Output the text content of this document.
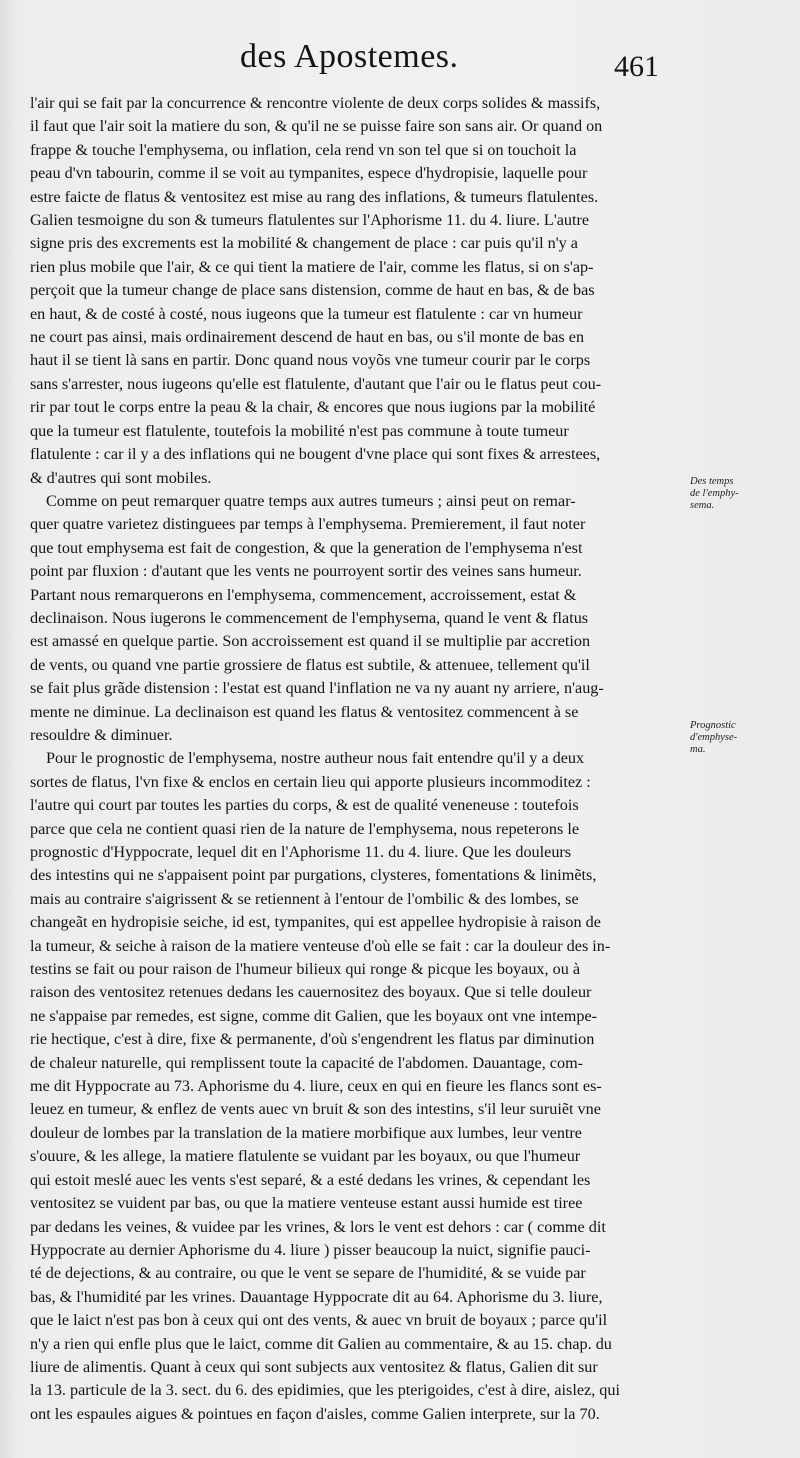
des Apostemes.	461
l'air qui se fait par la concurrence & rencontre violente de deux corps solides & massifs,
il faut que l'air soit la matiere du son, & qu'il ne se puisse faire son sans air. Or quand on
frappe & touche l'emphysema, ou inflation, cela rend vn son tel que si on touchoit la
peau d'vn tabourin, comme il se voit au tympanites, espece d'hydropisie, laquelle pour
estre faicte de flatus & ventositez est mise au rang des inflations, & tumeurs flatulentes.
Galien tesmoigne du son & tumeurs flatulentes sur l'Aphorisme 11. du 4. liure. L'autre
signe pris des excrements est la mobilité & changement de place : car puis qu'il n'y a
rien plus mobile que l'air, & ce qui tient la matiere de l'air, comme les flatus, si on s'ap-
perçoit que la tumeur change de place sans distension, comme de haut en bas, & de bas
en haut, & de costé à costé, nous iugeons que la tumeur est flatulente : car vn humeur
ne court pas ainsi, mais ordinairement descend de haut en bas, ou s'il monte de bas en
haut il se tient là sans en partir. Donc quand nous voyõs vne tumeur courir par le corps
sans s'arrester, nous iugeons qu'elle est flatulente, d'autant que l'air ou le flatus peut cou-
rir par tout le corps entre la peau & la chair, & encores que nous iugions par la mobilité
que la tumeur est flatulente, toutefois la mobilité n'est pas commune à toute tumeur
flatulente : car il y a des inflations qui ne bougent d'vne place qui sont fixes & arrestees,
& d'autres qui sont mobiles.
Comme on peut remarquer quatre temps aux autres tumeurs ; ainsi peut on remar-
quer quatre varietez distinguees par temps à l'emphysema. Premierement, il faut noter
que tout emphysema est fait de congestion, & que la generation de l'emphysema n'est
point par fluxion : d'autant que les vents ne pourroyent sortir des veines sans humeur.
Partant nous remarquerons en l'emphysema, commencement, accroissement, estat &
declinaison. Nous iugerons le commencement de l'emphysema, quand le vent & flatus
est amassé en quelque partie. Son accroissement est quand il se multiplie par accretion
de vents, ou quand vne partie grossiere de flatus est subtile, & attenuee, tellement qu'il
se fait plus grãde distension : l'estat est quand l'inflation ne va ny auant ny arriere, n'aug-
mente ne diminue. La declinaison est quand les flatus & ventositez commencent à se
resouldre & diminuer.
Pour le prognostic de l'emphysema, nostre autheur nous fait entendre qu'il y a deux
sortes de flatus, l'vn fixe & enclos en certain lieu qui apporte plusieurs incommoditez :
l'autre qui court par toutes les parties du corps, & est de qualité veneneuse : toutefois
parce que cela ne contient quasi rien de la nature de l'emphysema, nous repeterons le
prognostic d'Hyppocrate, lequel dit en l'Aphorisme 11. du 4. liure. Que les douleurs
des intestins qui ne s'appaisent point par purgations, clysteres, fomentations & linimẽts,
mais au contraire s'aigrissent & se retiennent à l'entour de l'ombilic & des lombes, se
changeãt en hydropisie seiche, id est, tympanites, qui est appellee hydropisie à raison de
la tumeur, & seiche à raison de la matiere venteuse d'où elle se fait : car la douleur des in-
testins se fait ou pour raison de l'humeur bilieux qui ronge & picque les boyaux, ou à
raison des ventositez retenues dedans les cauernositez des boyaux. Que si telle douleur
ne s'appaise par remedes, est signe, comme dit Galien, que les boyaux ont vne intempe-
rie hectique, c'est à dire, fixe & permanente, d'où s'engendrent les flatus par diminution
de chaleur naturelle, qui remplissent toute la capacité de l'abdomen. Dauantage, com-
me dit Hyppocrate au 73. Aphorisme du 4. liure, ceux en qui en fieure les flancs sont es-
leuez en tumeur, & enflez de vents auec vn bruit & son des intestins, s'il leur suruiẽt vne
douleur de lombes par la translation de la matiere morbifique aux lumbes, leur ventre
s'ouure, & les allege, la matiere flatulente se vuidant par les boyaux, ou que l'humeur
qui estoit meslé auec les vents s'est separé, & a esté dedans les vrines, & cependant les
ventositez se vuident par bas, ou que la matiere venteuse estant aussi humide est tiree
par dedans les veines, & vuidee par les vrines, & lors le vent est dehors : car ( comme dit
Hyppocrate au dernier Aphorisme du 4. liure ) pisser beaucoup la nuict, signifie pauci-
té de dejections, & au contraire, ou que le vent se separe de l'humidité, & se vuide par
bas, & l'humidité par les vrines. Dauantage Hyppocrate dit au 64. Aphorisme du 3. liure,
que le laict n'est pas bon à ceux qui ont des vents, & auec vn bruit de boyaux ; parce qu'il
n'y a rien qui enfle plus que le laict, comme dit Galien au commentaire, & au 15. chap. du
liure de alimentis. Quant à ceux qui sont subjects aux ventositez & flatus, Galien dit sur
la 13. particule de la 3. sect. du 6. des epidimies, que les pterigoides, c'est à dire, aislez, qui
ont les espaules aigues & pointues en façon d'aisles, comme Galien interprete, sur la 70.
Des temps
de l'emphy-
sema.
Prognostic
d'emphyse-
ma.
